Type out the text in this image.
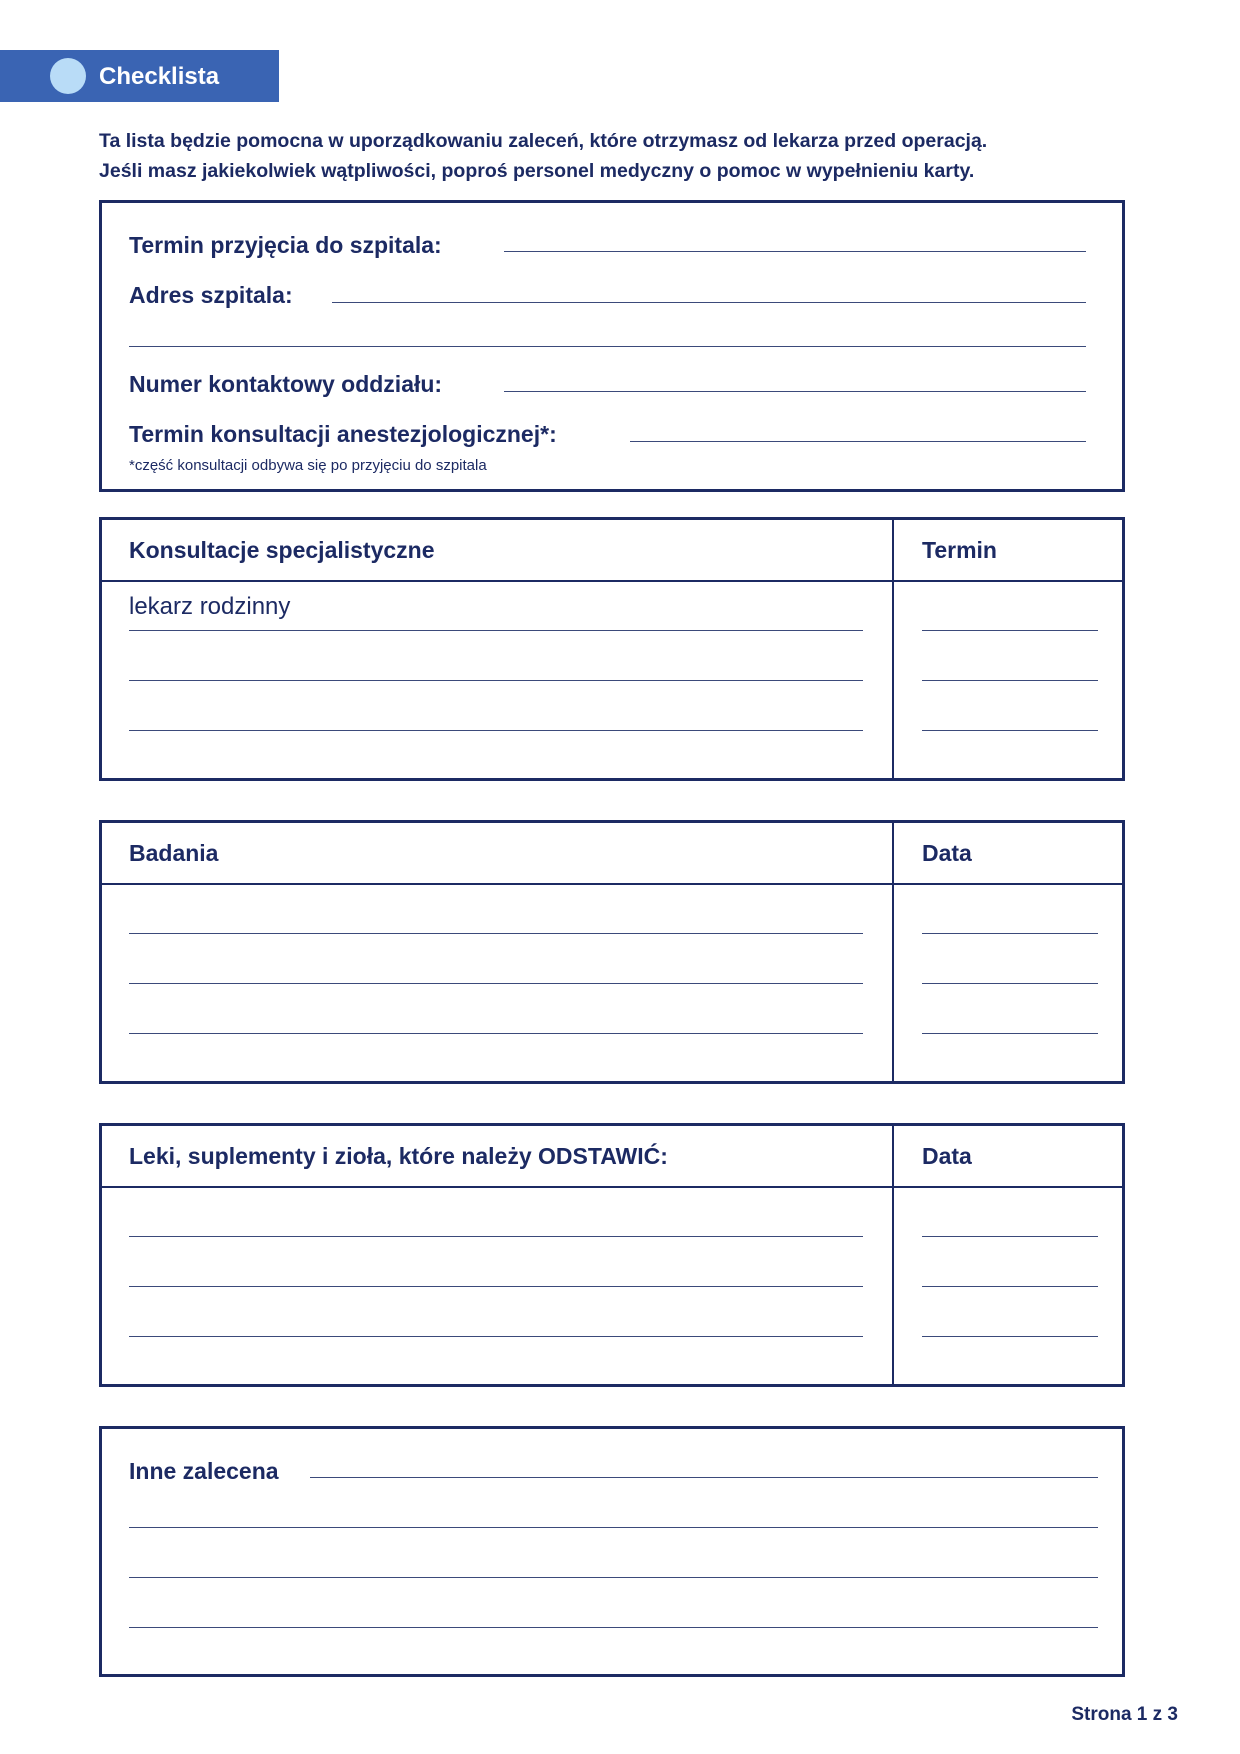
Checklista
Ta lista będzie pomocna w uporządkowaniu zaleceń, które otrzymasz od lekarza przed operacją.
Jeśli masz jakiekolwiek wątpliwości, poproś personel medyczny o pomoc w wypełnieniu karty.
Termin przyjęcia do szpitala:
Adres szpitala:
Numer kontaktowy oddziału:
Termin konsultacji anestezjologicznej*:
*część konsultacji odbywa się po przyjęciu do szpitala
Konsultacje specjalistyczne	Termin
lekarz rodzinny
Badania	Data
Leki, suplementy i zioła, które należy ODSTAWIĆ:	Data
Inne zalecena
Strona 1 z 3
